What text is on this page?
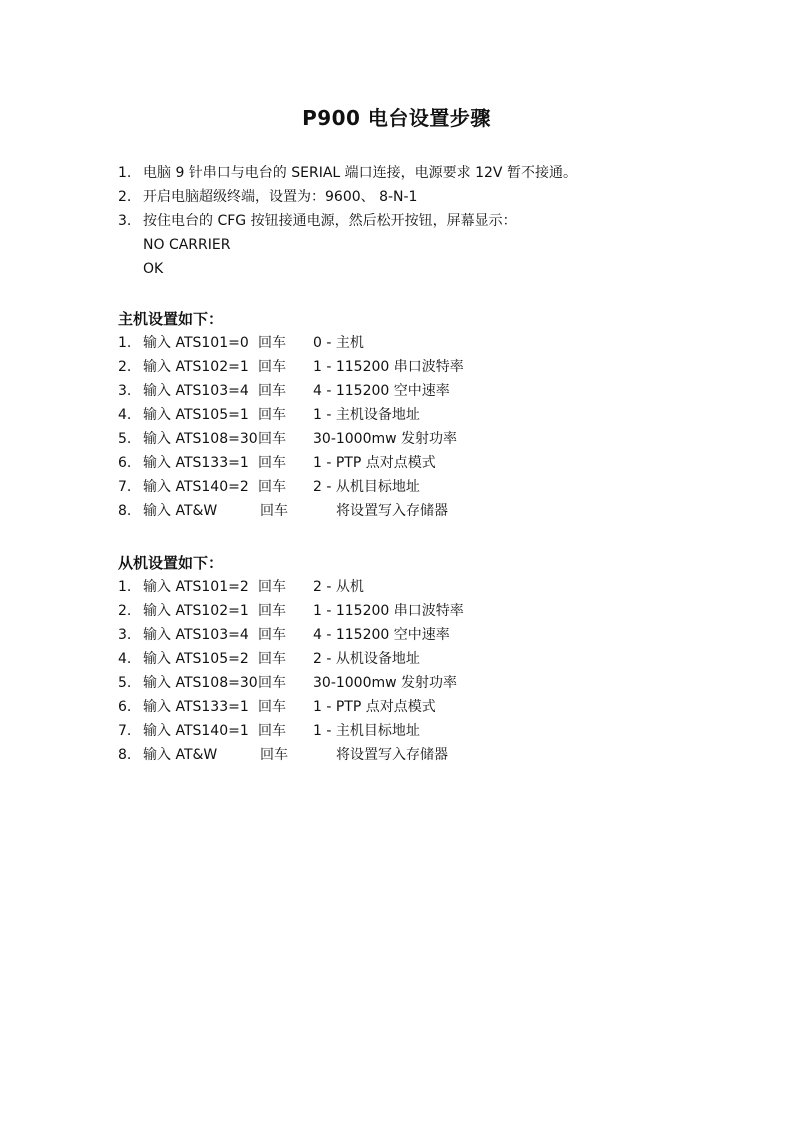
P900 电台设置步骤
1. 电脑 9 针串口与电台的 SERIAL 端口连接，电源要求 12V 暂不接通。
2. 开启电脑超级终端，设置为：9600、 8-N-1
3. 按住电台的 CFG 按钮接通电源，然后松开按钮，屏幕显示：
NO CARRIER
OK
主机设置如下：
1. 输入 ATS101=0 回车 0 - 主机
2. 输入 ATS102=1 回车 1 - 115200 串口波特率
3. 输入 ATS103=4 回车 4 - 115200 空中速率
4. 输入 ATS105=1 回车 1 - 主机设备地址
5. 输入 ATS108=30 回车 30-1000mw 发射功率
6. 输入 ATS133=1 回车 1 - PTP 点对点模式
7. 输入 ATS140=2 回车 2 - 从机目标地址
8. 输入 AT&W	回车	将设置写入存储器
从机设置如下：
1. 输入 ATS101=2 回车 2 - 从机
2. 输入 ATS102=1 回车 1 - 115200 串口波特率
3. 输入 ATS103=4 回车 4 - 115200 空中速率
4. 输入 ATS105=2 回车 2 - 从机设备地址
5. 输入 ATS108=30 回车 30-1000mw 发射功率
6. 输入 ATS133=1 回车 1 - PTP 点对点模式
7. 输入 ATS140=1 回车 1 - 主机目标地址
8. 输入 AT&W	回车	将设置写入存储器
